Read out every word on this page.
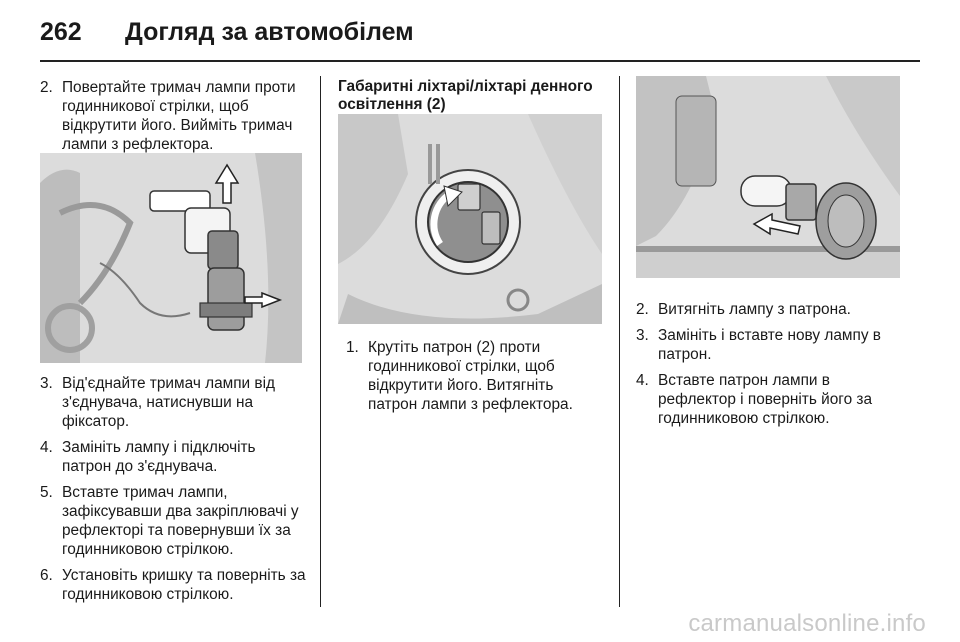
262 Догляд за автомобілем
2. Повертайте тримач лампи проти годинникової стрілки, щоб відкрутити його. Вийміть тримач лампи з рефлектора.
3. Від'єднайте тримач лампи від з'єднувача, натиснувши на фіксатор.
4. Замініть лампу і підключіть патрон до з'єднувача.
5. Вставте тримач лампи, зафіксувавши два закріплювачі у рефлекторі та повернувши їх за годинниковою стрілкою.
6. Установіть кришку та поверніть за годинниковою стрілкою.
Габаритні ліхтарі/ліхтарі денного освітлення (2)
1. Крутіть патрон (2) проти годинникової стрілки, щоб відкрутити його. Витягніть патрон лампи з рефлектора.
2. Витягніть лампу з патрона.
3. Замініть і вставте нову лампу в патрон.
4. Вставте патрон лампи в рефлектор і поверніть його за годинниковою стрілкою.
carmanualsonline.info
